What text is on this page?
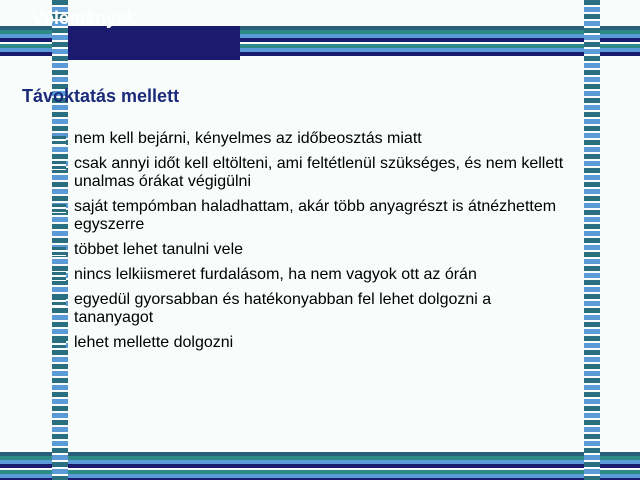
Vélemények
Távoktatás mellett
nem kell bejárni, kényelmes az időbeosztás miatt
csak annyi időt kell eltölteni, ami feltétlenül szükséges, és nem kellett unalmas órákat végigülni
saját tempómban haladhattam, akár több anyagrészt is átnézhettem egyszerre
többet lehet tanulni vele
nincs lelkiismeret furdalásom, ha nem vagyok ott az órán
egyedül gyorsabban és hatékonyabban fel lehet dolgozni a tananyagot
lehet mellette dolgozni
